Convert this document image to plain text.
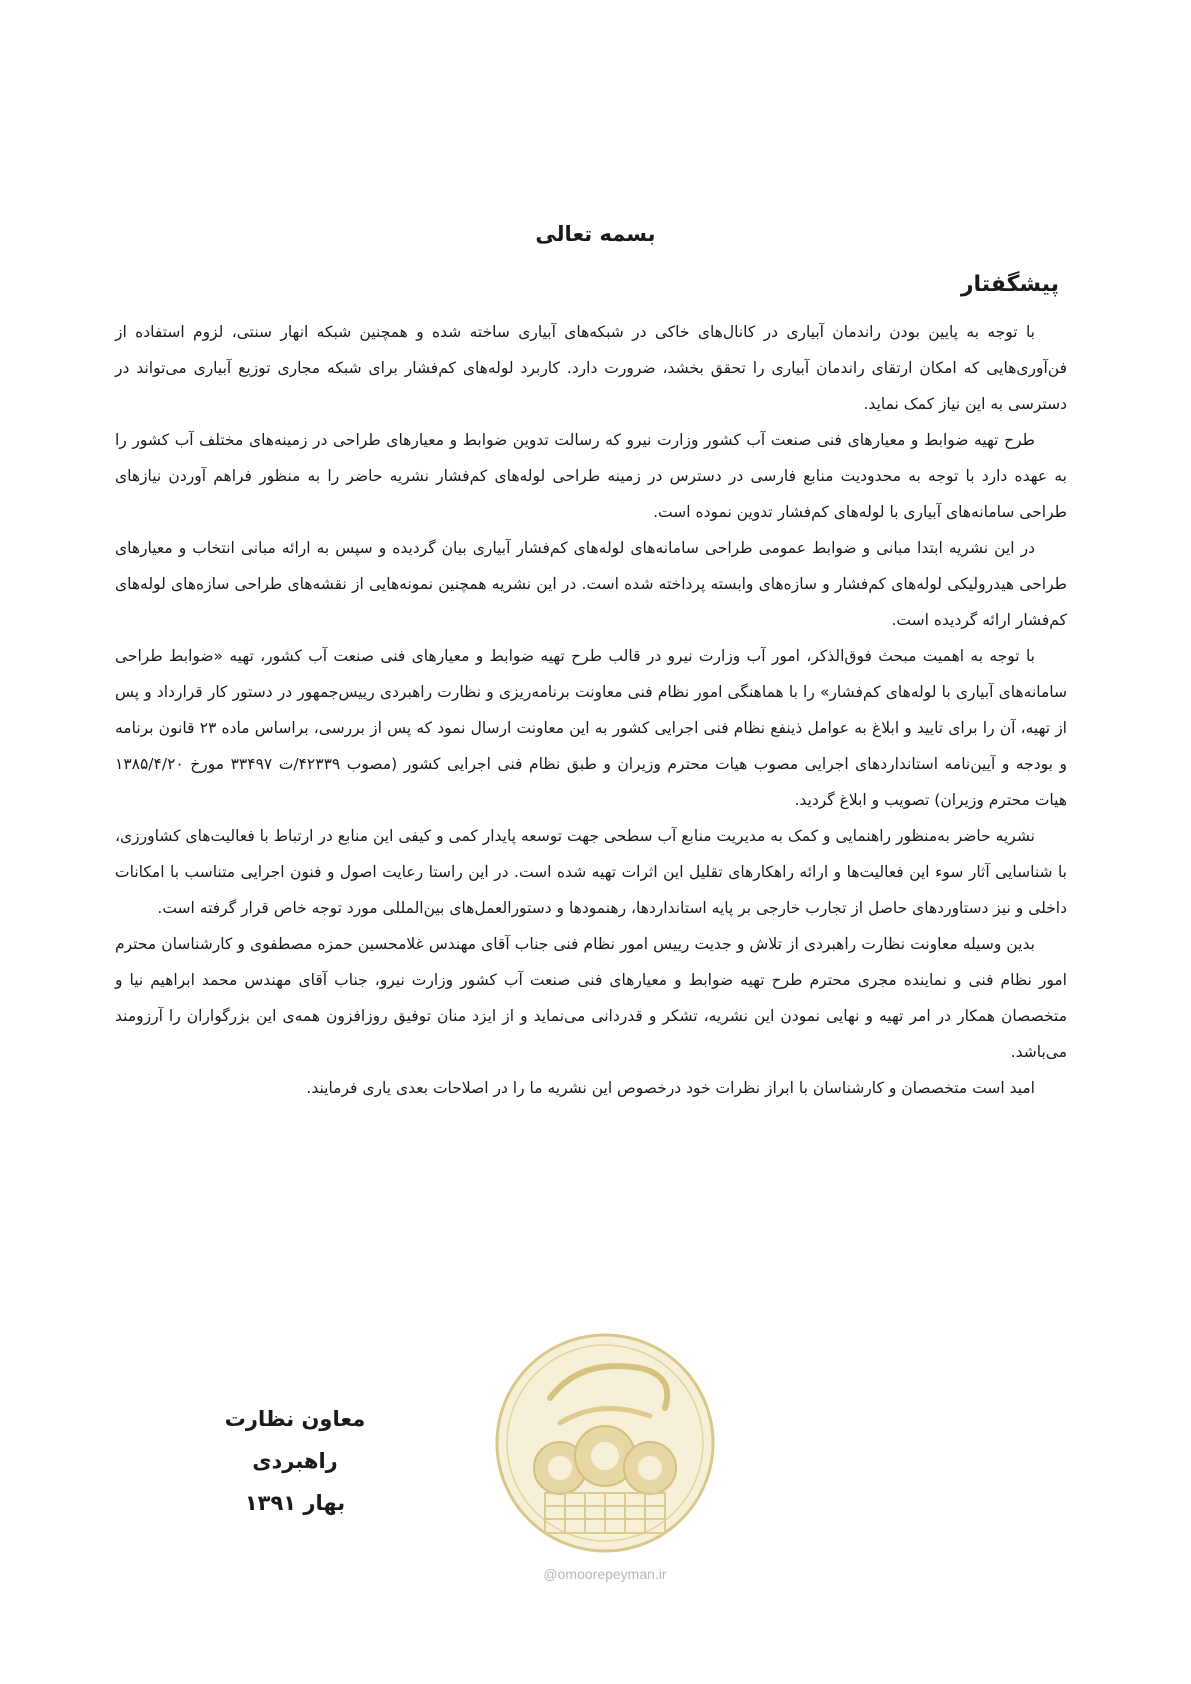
بسمه تعالی
پیشگفتار

با توجه به پایین بودن راندمان آبیاری در کانال‌های خاکی در شبکه‌های آبیاری ساخته شده و همچنین شبکه انهار سنتی، لزوم استفاده از فن‌آوری‌هایی که امکان ارتقای راندمان آبیاری را تحقق بخشد، ضرورت دارد. کاربرد لوله‌های کم‌فشار برای شبکه مجاری توزیع آبیاری می‌تواند در دسترسی به این نیاز کمک نماید.

طرح تهیه ضوابط و معیارهای فنی صنعت آب کشور وزارت نیرو که رسالت تدوین ضوابط و معیارهای طراحی در زمینه‌های مختلف آب کشور را به عهده دارد با توجه به محدودیت منابع فارسی در دسترس در زمینه طراحی لوله‌های کم‌فشار نشریه حاضر را به منظور فراهم آوردن نیازهای طراحی سامانه‌های آبیاری با لوله‌های کم‌فشار تدوین نموده است.

در این نشریه ابتدا مبانی و ضوابط عمومی طراحی سامانه‌های لوله‌های کم‌فشار آبیاری بیان گردیده و سپس به ارائه مبانی انتخاب و معیارهای طراحی هیدرولیکی لوله‌های کم‌فشار و سازه‌های وابسته پرداخته شده است. در این نشریه همچنین نمونه‌هایی از نقشه‌های طراحی سازه‌های لوله‌های کم‌فشار ارائه گردیده است.

با توجه به اهمیت مبحث فوق‌الذکر، امور آب وزارت نیرو در قالب طرح تهیه ضوابط و معیارهای فنی صنعت آب کشور، تهیه «ضوابط طراحی سامانه‌های آبیاری با لوله‌های کم‌فشار» را با هماهنگی امور نظام فنی معاونت برنامه‌ریزی و نظارت راهبردی رییس‌جمهور در دستور کار قرارداد و پس از تهیه، آن را برای تایید و ابلاغ به عوامل ذینفع نظام فنی اجرایی کشور به این معاونت ارسال نمود که پس از بررسی، براساس ماده ۲۳ قانون برنامه و بودجه و آیین‌نامه استانداردهای اجرایی مصوب هیات محترم وزیران و طبق نظام فنی اجرایی کشور (مصوب ۴۲۳۳۹/ت ۳۳۴۹۷ مورخ ۱۳۸۵/۴/۲۰ هیات محترم وزیران) تصویب و ابلاغ گردید.

نشریه حاضر به‌منظور راهنمایی و کمک به مدیریت منابع آب سطحی جهت توسعه پایدار کمی و کیفی این منابع در ارتباط با فعالیت‌های کشاورزی، با شناسایی آثار سوء این فعالیت‌ها و ارائه راهکارهای تقلیل این اثرات تهیه شده است. در این راستا رعایت اصول و فنون اجرایی متناسب با امکانات داخلی و نیز دستاوردهای حاصل از تجارب خارجی بر پایه استانداردها، رهنمودها و دستورالعمل‌های بین‌المللی مورد توجه خاص قرار گرفته است.

بدین وسیله معاونت نظارت راهبردی از تلاش و جدیت رییس امور نظام فنی جناب آقای مهندس غلامحسین حمزه مصطفوی و کارشناسان محترم امور نظام فنی و نماینده مجری محترم طرح تهیه ضوابط و معیارهای فنی صنعت آب کشور وزارت نیرو، جناب آقای مهندس محمد ابراهیم نیا و متخصصان همکار در امر تهیه و نهایی نمودن این نشریه، تشکر و قدردانی می‌نماید و از ایزد منان توفیق روزافزون همه‌ی این بزرگواران را آرزومند می‌باشد.

امید است متخصصان و کارشناسان با ابراز نظرات خود درخصوص این نشریه ما را در اصلاحات بعدی یاری فرمایند.

@omoorepeyman.ir
معاون نظارت راهبردی
بهار ۱۳۹۱
